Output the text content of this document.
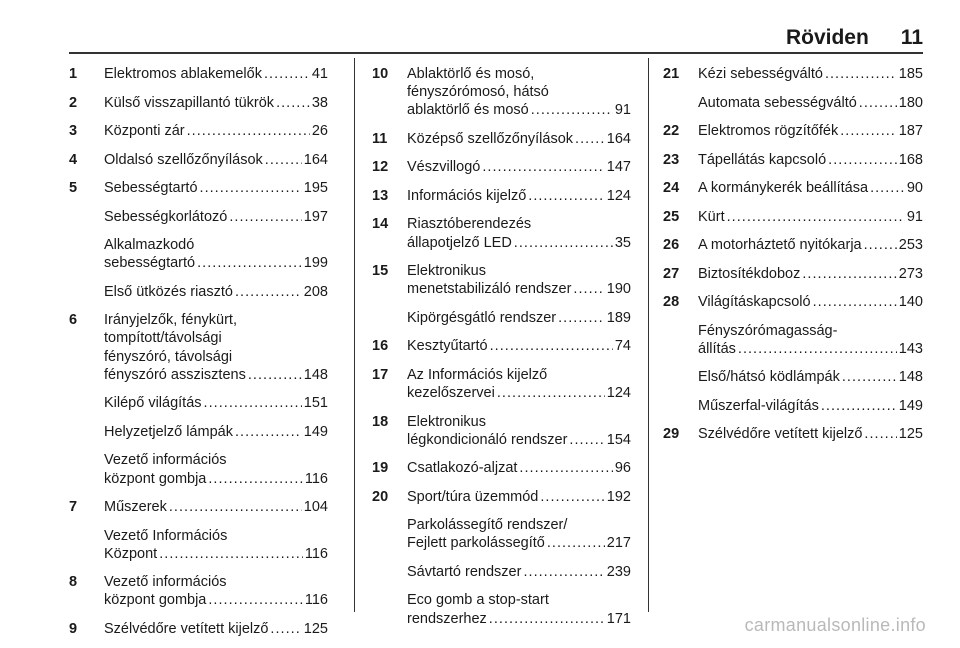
Röviden 11
1	Elektromos ablakemelők . . .	41
2	Külső visszapillantó tükrök . . .	38
3	Központi zár . . .	26
4	Oldalsó szellőzőnyílások . . .	164
5	Sebességtartó . . .	195
Sebességkorlátozó . . .	197
Alkalmazkodó
sebességtartó . . .	199
Első ütközés riasztó . . .	208
6	Irányjelzők, fénykürt,
tompított/távolsági
fényszóró, távolsági
fényszóró asszisztens . . .	148
Kilépő világítás . . .	151
Helyzetjelző lámpák . . .	149
Vezető információs
központ gombja . . .	116
7	Műszerek . . .	104
Vezető Információs
Központ . . .	116
8	Vezető információs
központ gombja . . .	116
9	Szélvédőre vetített kijelző . . . 125
10	Ablaktörlő és mosó,
fényszórómosó, hátsó
ablaktörlő és mosó . . .	91
11	Középső szellőzőnyílások . . . 164
12	Vészvillogó . . .	147
13	Információs kijelző . . .	124
14	Riasztóberendezés
állapotjelző LED . . .	35
15	Elektronikus
menetstabilizáló rendszer . . . 190
Kipörgésgátló rendszer . . .	189
16	Kesztyűtartó . . .	74
17	Az Információs kijelző
kezelőszervei . . .	124
18	Elektronikus
légkondicionáló rendszer . . .	154
19	Csatlakozó-aljzat . . .	96
20	Sport/túra üzemmód . . .	192
Parkolássegítő rendszer/
Fejlett parkolássegítő . . .	217
Sávtartó rendszer . . .	239
Eco gomb a stop-start
rendszerhez . . .	171
21	Kézi sebességváltó . . .	185
Automata sebességváltó . . .	180
22	Elektromos rögzítőfék . . .	187
23	Tápellátás kapcsoló . . .	168
24	A kormánykerék beállítása . . .	90
25	Kürt . . .	91
26	A motorháztető nyitókarja . . .	253
27	Biztosítékdoboz . . .	273
28	Világításkapcsoló . . .	140
Fényszórómagasság-
állítás . . .	143
Első/hátsó ködlámpák . . .	148
Műszerfal-világítás . . .	149
29	Szélvédőre vetített kijelző . . .	125
carmanualsonline.info
